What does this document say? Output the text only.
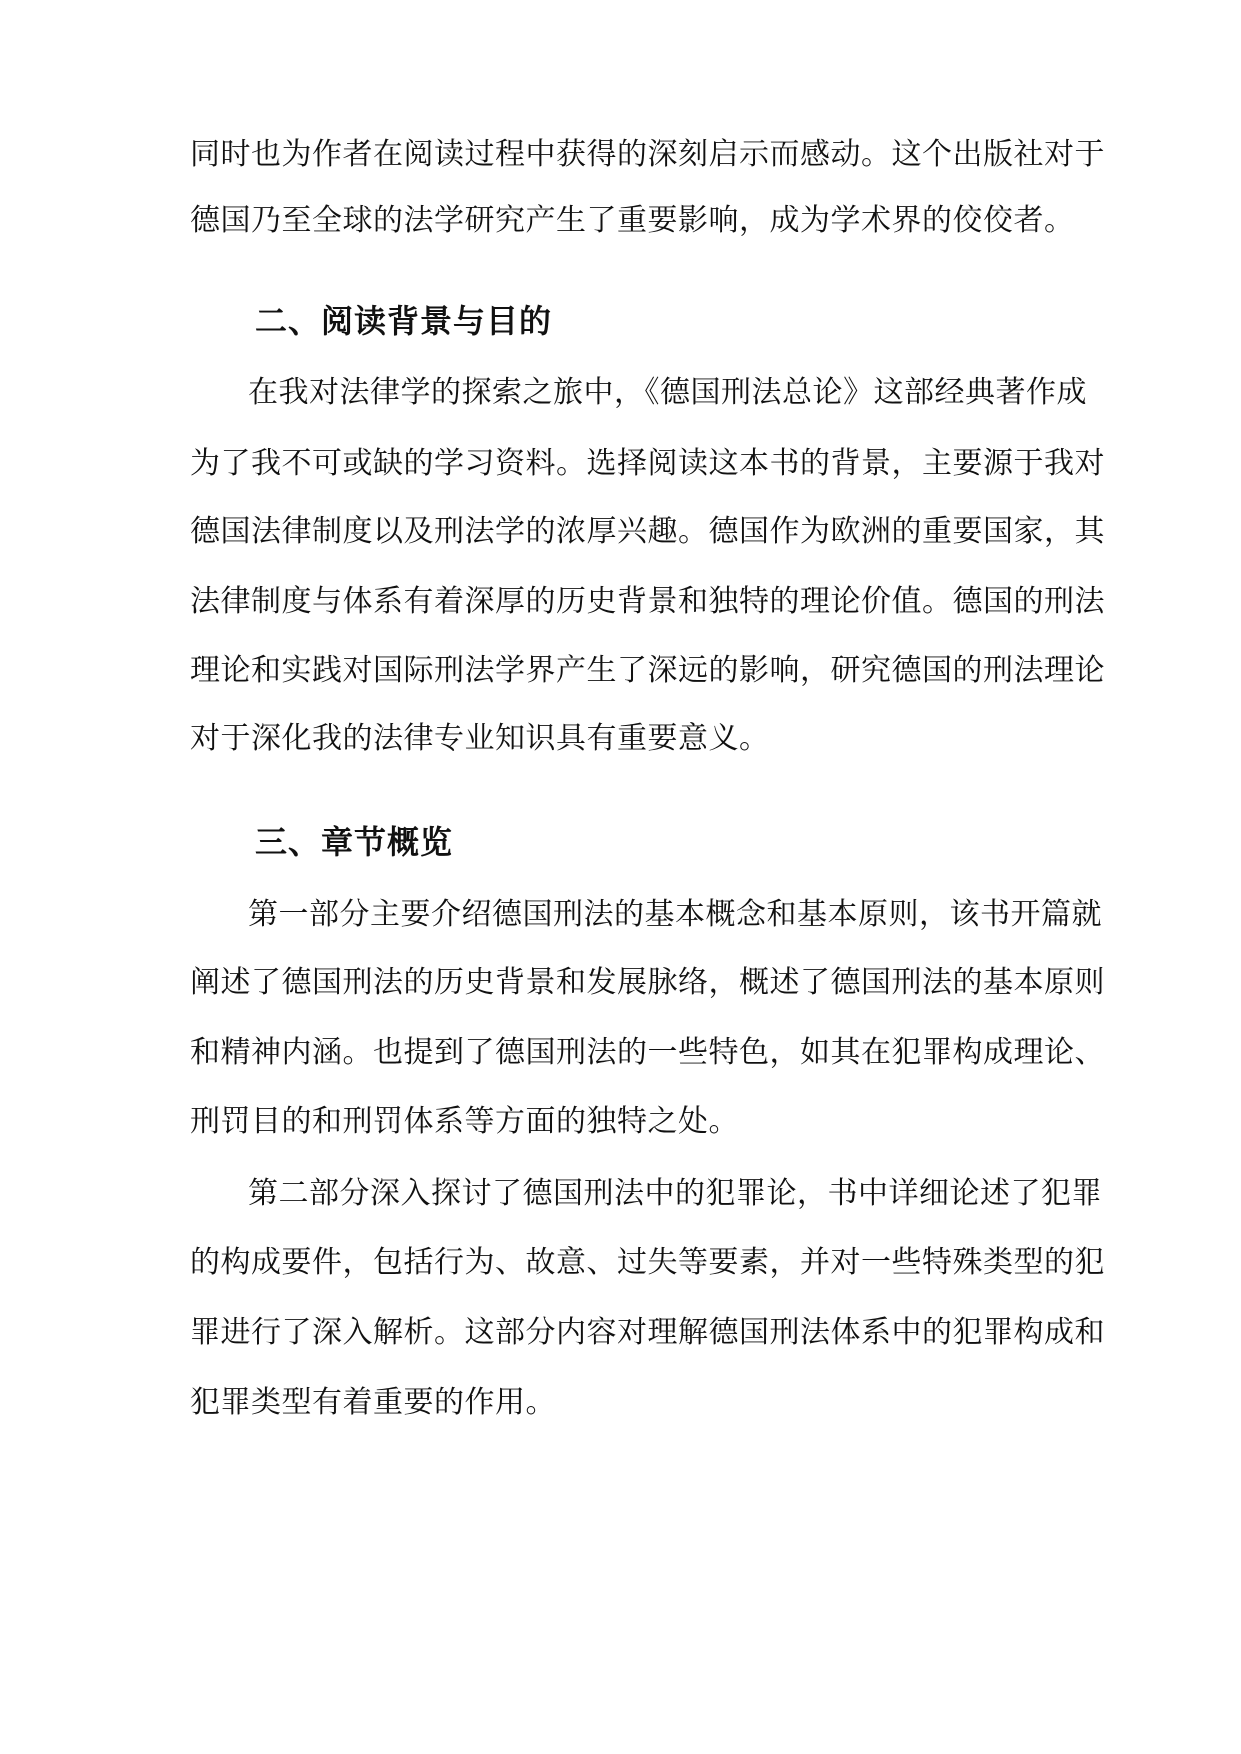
同时也为作者在阅读过程中获得的深刻启示而感动。这个出版社对于
德国乃至全球的法学研究产生了重要影响，成为学术界的佼佼者。
二、阅读背景与目的
在我对法律学的探索之旅中，《德国刑法总论》这部经典著作成
为了我不可或缺的学习资料。选择阅读这本书的背景，主要源于我对
德国法律制度以及刑法学的浓厚兴趣。德国作为欧洲的重要国家，其
法律制度与体系有着深厚的历史背景和独特的理论价值。德国的刑法
理论和实践对国际刑法学界产生了深远的影响，研究德国的刑法理论
对于深化我的法律专业知识具有重要意义。
三、章节概览
第一部分主要介绍德国刑法的基本概念和基本原则，该书开篇就
阐述了德国刑法的历史背景和发展脉络，概述了德国刑法的基本原则
和精神内涵。也提到了德国刑法的一些特色，如其在犯罪构成理论、
刑罚目的和刑罚体系等方面的独特之处。
第二部分深入探讨了德国刑法中的犯罪论，书中详细论述了犯罪
的构成要件，包括行为、故意、过失等要素，并对一些特殊类型的犯
罪进行了深入解析。这部分内容对理解德国刑法体系中的犯罪构成和
犯罪类型有着重要的作用。
